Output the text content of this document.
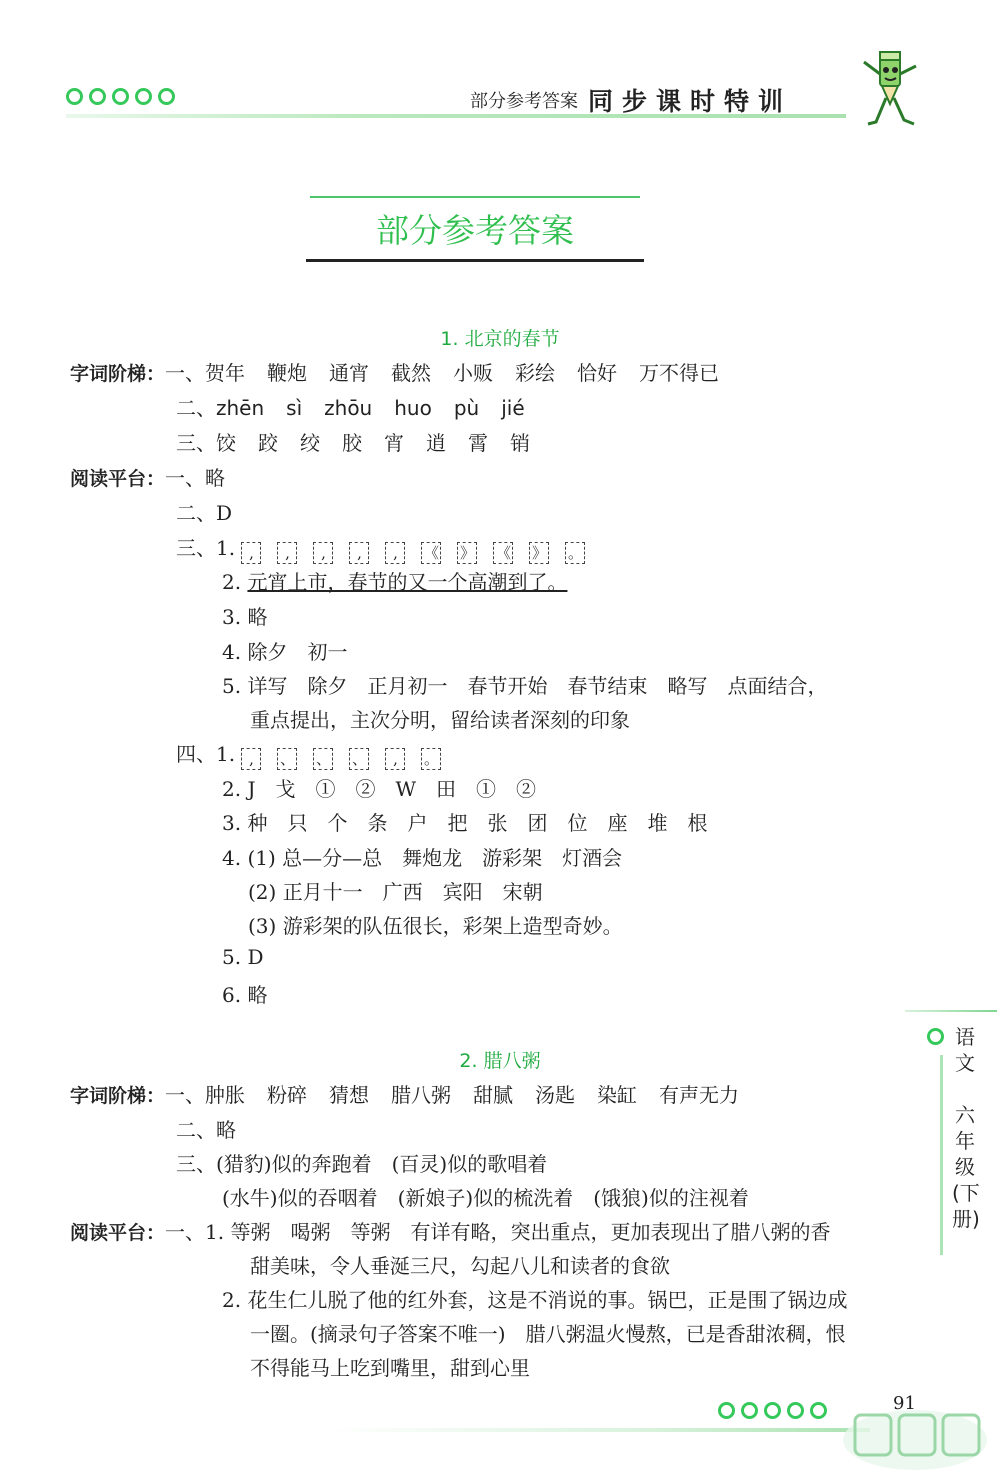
部分参考答案 同步课时特训
部分参考答案
1. 北京的春节
字词阶梯：一、贺年 鞭炮 通宵 截然 小贩 彩绘 恰好 万不得已
二、zhēn sì zhōu huo pù jié
三、饺 跤 绞 胶 宵 逍 霄 销
阅读平台：一、略
二、D
三、1. , , , , , 《 》 《 》 。
2. 元宵上市，春节的又一个高潮到了。
3. 略
4. 除夕　初一
5. 详写　除夕　正月初一　春节开始　春节结束　略写　点面结合，
重点提出，主次分明，留给读者深刻的印象
四、1. , 、 、 、 , 。
2. J　戈　①　②　W　田　①　②
3. 种　只　个　条　户　把　张　团　位　座　堆　根
4. (1) 总—分—总　舞炮龙　游彩架　灯酒会
(2) 正月十一　广西　宾阳　宋朝
(3) 游彩架的队伍很长，彩架上造型奇妙。
5. D
6. 略
2. 腊八粥
字词阶梯：一、肿胀 粉碎 猜想 腊八粥 甜腻 汤匙 染缸 有声无力
二、略
三、(猎豹)似的奔跑着　(百灵)似的歌唱着
(水牛)似的吞咽着　(新娘子)似的梳洗着　(饿狼)似的注视着
阅读平台：一、1. 等粥　喝粥　等粥　有详有略，突出重点，更加表现出了腊八粥的香
甜美味，令人垂涎三尺，勾起八儿和读者的食欲
2. 花生仁儿脱了他的红外套，这是不消说的事。锅巴，正是围了锅边成
一圈。(摘录句子答案不唯一)　腊八粥温火慢熬，已是香甜浓稠，恨
不得能马上吃到嘴里，甜到心里
语文
六年级
(下册)
91
